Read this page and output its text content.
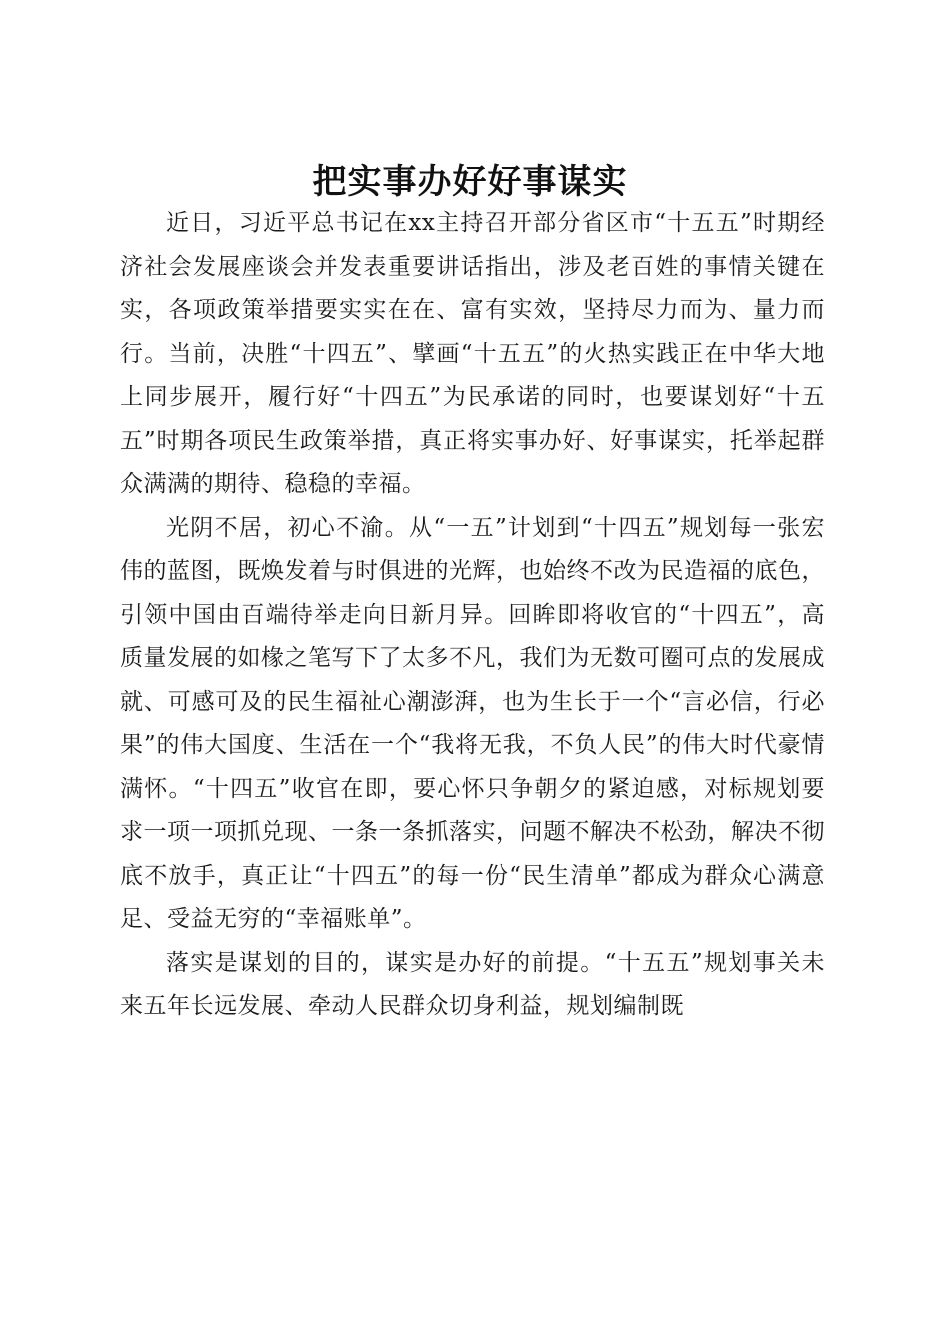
把实事办好好事谋实

近日，习近平总书记在xx主持召开部分省区市“十五五”时期经济社会发展座谈会并发表重要讲话指出，涉及老百姓的事情关键在实，各项政策举措要实实在在、富有实效，坚持尽力而为、量力而行。当前，决胜“十四五”、擘画“十五五”的火热实践正在中华大地上同步展开，履行好“十四五”为民承诺的同时，也要谋划好“十五五”时期各项民生政策举措，真正将实事办好、好事谋实，托举起群众满满的期待、稳稳的幸福。

光阴不居，初心不渝。从“一五”计划到“十四五”规划每一张宏伟的蓝图，既焕发着与时俱进的光辉，也始终不改为民造福的底色，引领中国由百端待举走向日新月异。回眸即将收官的“十四五”，高质量发展的如椽之笔写下了太多不凡，我们为无数可圈可点的发展成就、可感可及的民生福祉心潮澎湃，也为生长于一个“言必信，行必果”的伟大国度、生活在一个“我将无我，不负人民”的伟大时代豪情满怀。“十四五”收官在即，要心怀只争朝夕的紧迫感，对标规划要求一项一项抓兑现、一条一条抓落实，问题不解决不松劲，解决不彻底不放手，真正让“十四五”的每一份“民生清单”都成为群众心满意足、受益无穷的“幸福账单”。

落实是谋划的目的，谋实是办好的前提。“十五五”规划事关未来五年长远发展、牵动人民群众切身利益，规划编制既
